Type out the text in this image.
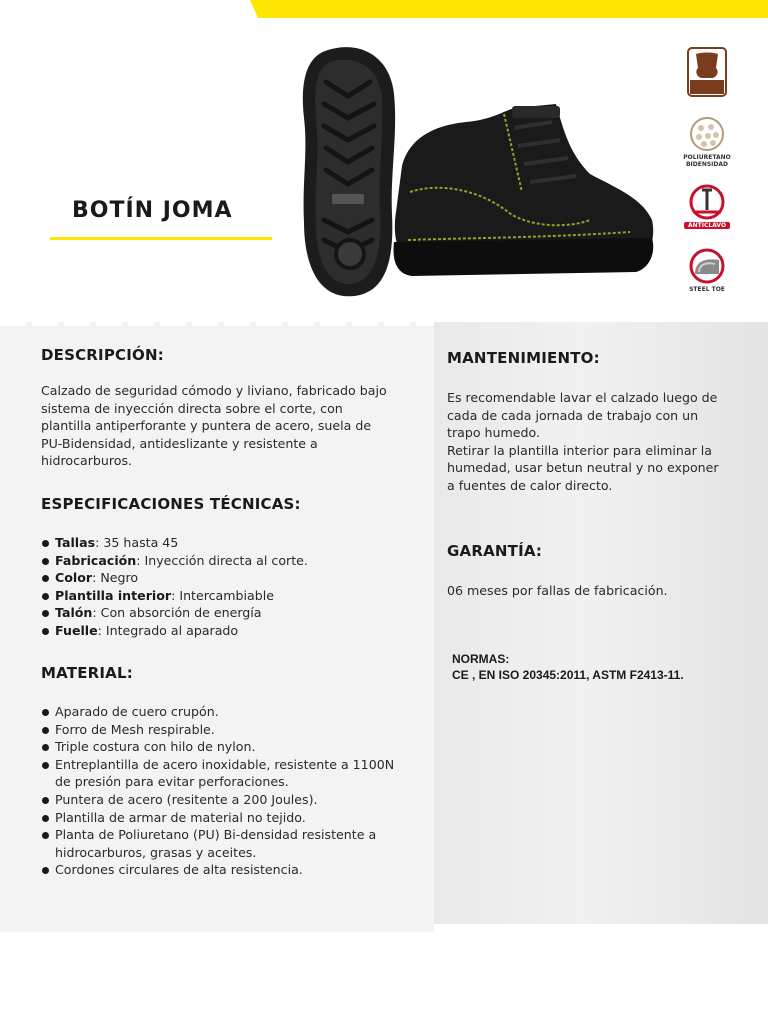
BOTÍN JOMA
POLIURETANO
BIDENSIDAD
ANTICLAVO
STEEL TOE
DESCRIPCIÓN:
Calzado de seguridad cómodo y liviano, fabricado bajo
sistema de inyección directa sobre el corte, con
plantilla antiperforante y puntera de acero, suela de
PU-Bidensidad, antideslizante y resistente a
hidrocarburos.
ESPECIFICACIONES TÉCNICAS:
Tallas: 35 hasta 45
Fabricación: Inyección directa al corte.
Color: Negro
Plantilla interior: Intercambiable
Talón: Con absorción de energía
Fuelle: Integrado al aparado
MATERIAL:
Aparado de cuero crupón.
Forro de Mesh respirable.
Triple costura con hilo de nylon.
Entreplantilla de acero inoxidable, resistente a 1100N
de presión para evitar perforaciones.
Puntera de acero (resitente a 200 Joules).
Plantilla de armar de material no tejido.
Planta de Poliuretano (PU) Bi-densidad resistente a
hidrocarburos, grasas y aceites.
Cordones circulares de alta resistencia.
MANTENIMIENTO:
Es recomendable lavar el calzado luego de
cada de cada jornada de trabajo con un
trapo humedo.
Retirar la plantilla interior para eliminar la
humedad, usar betun neutral y no exponer
a fuentes de calor directo.
GARANTÍA:
06 meses por fallas de fabricación.
NORMAS:
CE , EN ISO 20345:2011, ASTM F2413-11.
